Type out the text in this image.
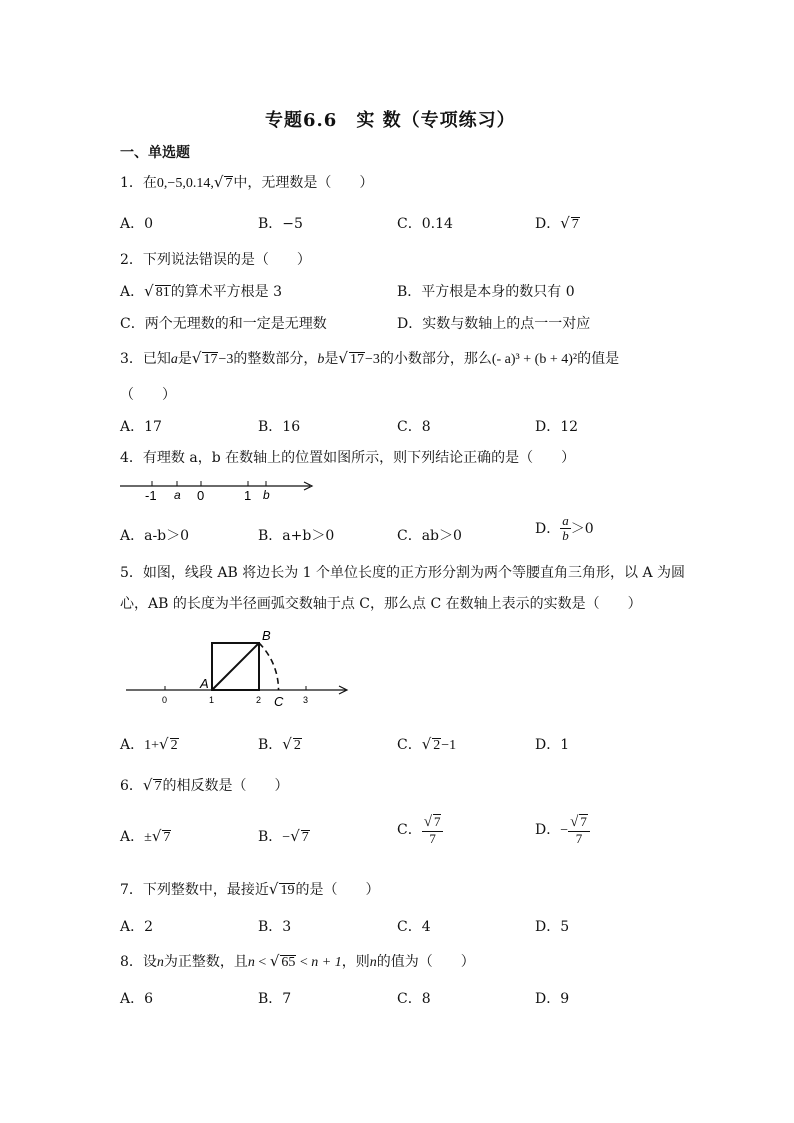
专题6.6　实 数（专项练习）
一、单选题
1．在0,−5,0.14,√ 7中，无理数是（　　）
A．0	B．−5	C．0.14	D．√ 7
2．下列说法错误的是（　　）
A．√ 81的算术平方根是 3	B．平方根是本身的数只有 0
C．两个无理数的和一定是无理数	D．实数与数轴上的点一一对应
3．已知a是√ 17−3的整数部分，b是√ 17−3的小数部分，那么(- a)³ + (b + 4)²的值是
（　　）
A．17	B．16	C．8	D．12
4．有理数 a，b 在数轴上的位置如图所示，则下列结论正确的是（　　）
-1 a 0	1 b
A．a-b＞0	B．a+b＞0	C．ab＞0	D． $\frac{a}{b} >0$
5．如图，线段 AB 将边长为 1 个单位长度的正方形分割为两个等腰直角三角形，以 A 为圆
心，AB 的长度为半径画弧交数轴于点 C，那么点 C 在数轴上表示的实数是（　　）
0	1	2	3
A
B
C
A．1+√ 2	B．√ 2	C．√ 2−1	D．1
6．√ 7的相反数是（　　）
A．±√ 7	B．−√ 7	C． $\frac{√ 7}{7}$	D．− $\frac{√ 7}{7}$
7．下列整数中，最接近√ 19的是（　　）
A．2	B．3	C．4	D．5
8．设n为正整数，且n < √ 65 < n + 1，则n的值为（　　）
A．6	B．7	C．8	D．9
